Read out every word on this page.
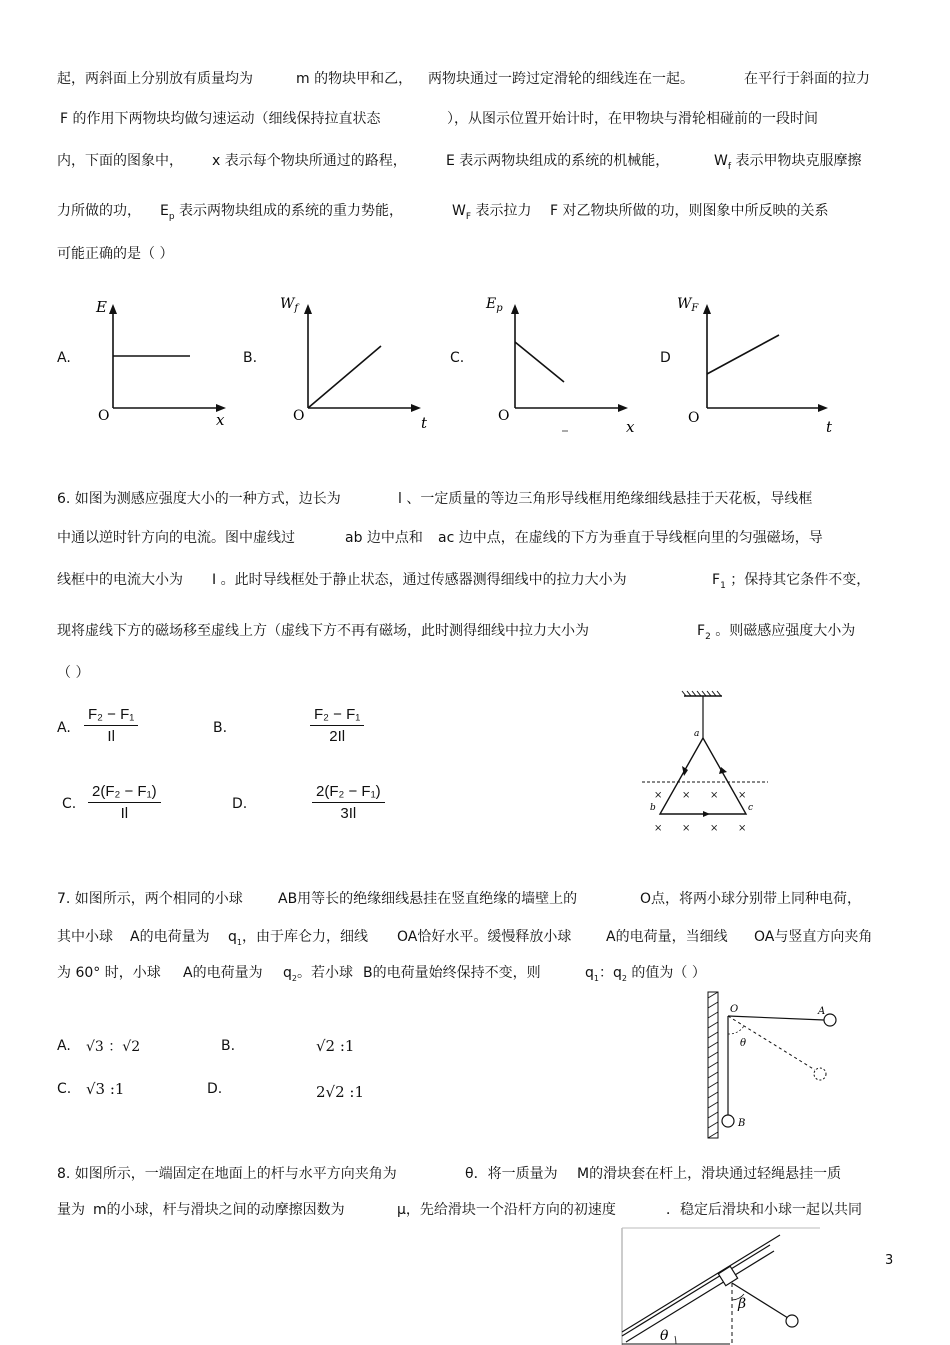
起，两斜面上分别放有质量均为	m 的物块甲和乙， 两物块通过一跨过定滑轮的细线连在一起。	在平行于斜面的拉力
F 的作用下两物块均做匀速运动（细线保持拉直状态	），从图示位置开始计时，在甲物块与滑轮相碰前的一段时间
内，下面的图象中， x 表示每个物块所通过的路程，	E 表示两物块组成的系统的机械能，	$W_f$ 表示甲物块克服摩擦
力所做的功， $E_p$ 表示两物块组成的系统的重力势能，	$W_F$ 表示拉力 F 对乙物块所做的功，则图象中所反映的关系
可能正确的是（ ）
A.	B.	C.	D
E
O	x
$W_f$
O	t
$E_p$
O
x
$W_F$
O	t
6. 如图为测感应强度大小的一种方式，边长为	l 、一定质量的等边三角形导线框用绝缘细线悬挂于天花板，导线框
中通以逆时针方向的电流。图中虚线过	ab 边中点和 ac 边中点，在虚线的下方为垂直于导线框向里的匀强磁场，导
线框中的电流大小为 I 。此时导线框处于静止状态，通过传感器测得细线中的拉力大小为	$F_1$ ；保持其它条件不变，
现将虚线下方的磁场移至虚线上方（虚线下方不再有磁场，此时测得细线中拉力大小为	$F_2$ 。则磁感应强度大小为
（ ）
A. $\frac{\text{F₂ − F₁}}{Il}$	B.	$\frac{\text{F₂ − F₁}}{2Il}$
C. $\frac{\text{2(F₂ − F₁)}}{Il}$	D.	$\frac{\text{2(F₂ − F₁)}}{3Il}$
a
b	c
× × × ×
× × × ×
7. 如图所示，两个相同的小球	AB用等长的绝缘细线悬挂在竖直绝缘的墙壁上的	O点，将两小球分别带上同种电荷，
其中小球 A的电荷量为 $q_1$，由于库仑力，细线 OA恰好水平。缓慢释放小球 A的电荷量，当细线 OA与竖直方向夹角
为 60° 时，小球 A的电荷量为 $q_2$。若小球 B的电荷量始终保持不变，则	$q_1$：$q_2$ 的值为（ ）
A. √3 ：√2	B.	√2 :1
C. √3 :1	D.	2√2 :1
O	A
B
θ
8. 如图所示，一端固定在地面上的杆与水平方向夹角为	θ．将一质量为 M的滑块套在杆上，滑块通过轻绳悬挂一质
量为 m的小球，杆与滑块之间的动摩擦因数为	μ，先给滑块一个沿杆方向的初速度	．稳定后滑块和小球一起以共同
θ
β
3
